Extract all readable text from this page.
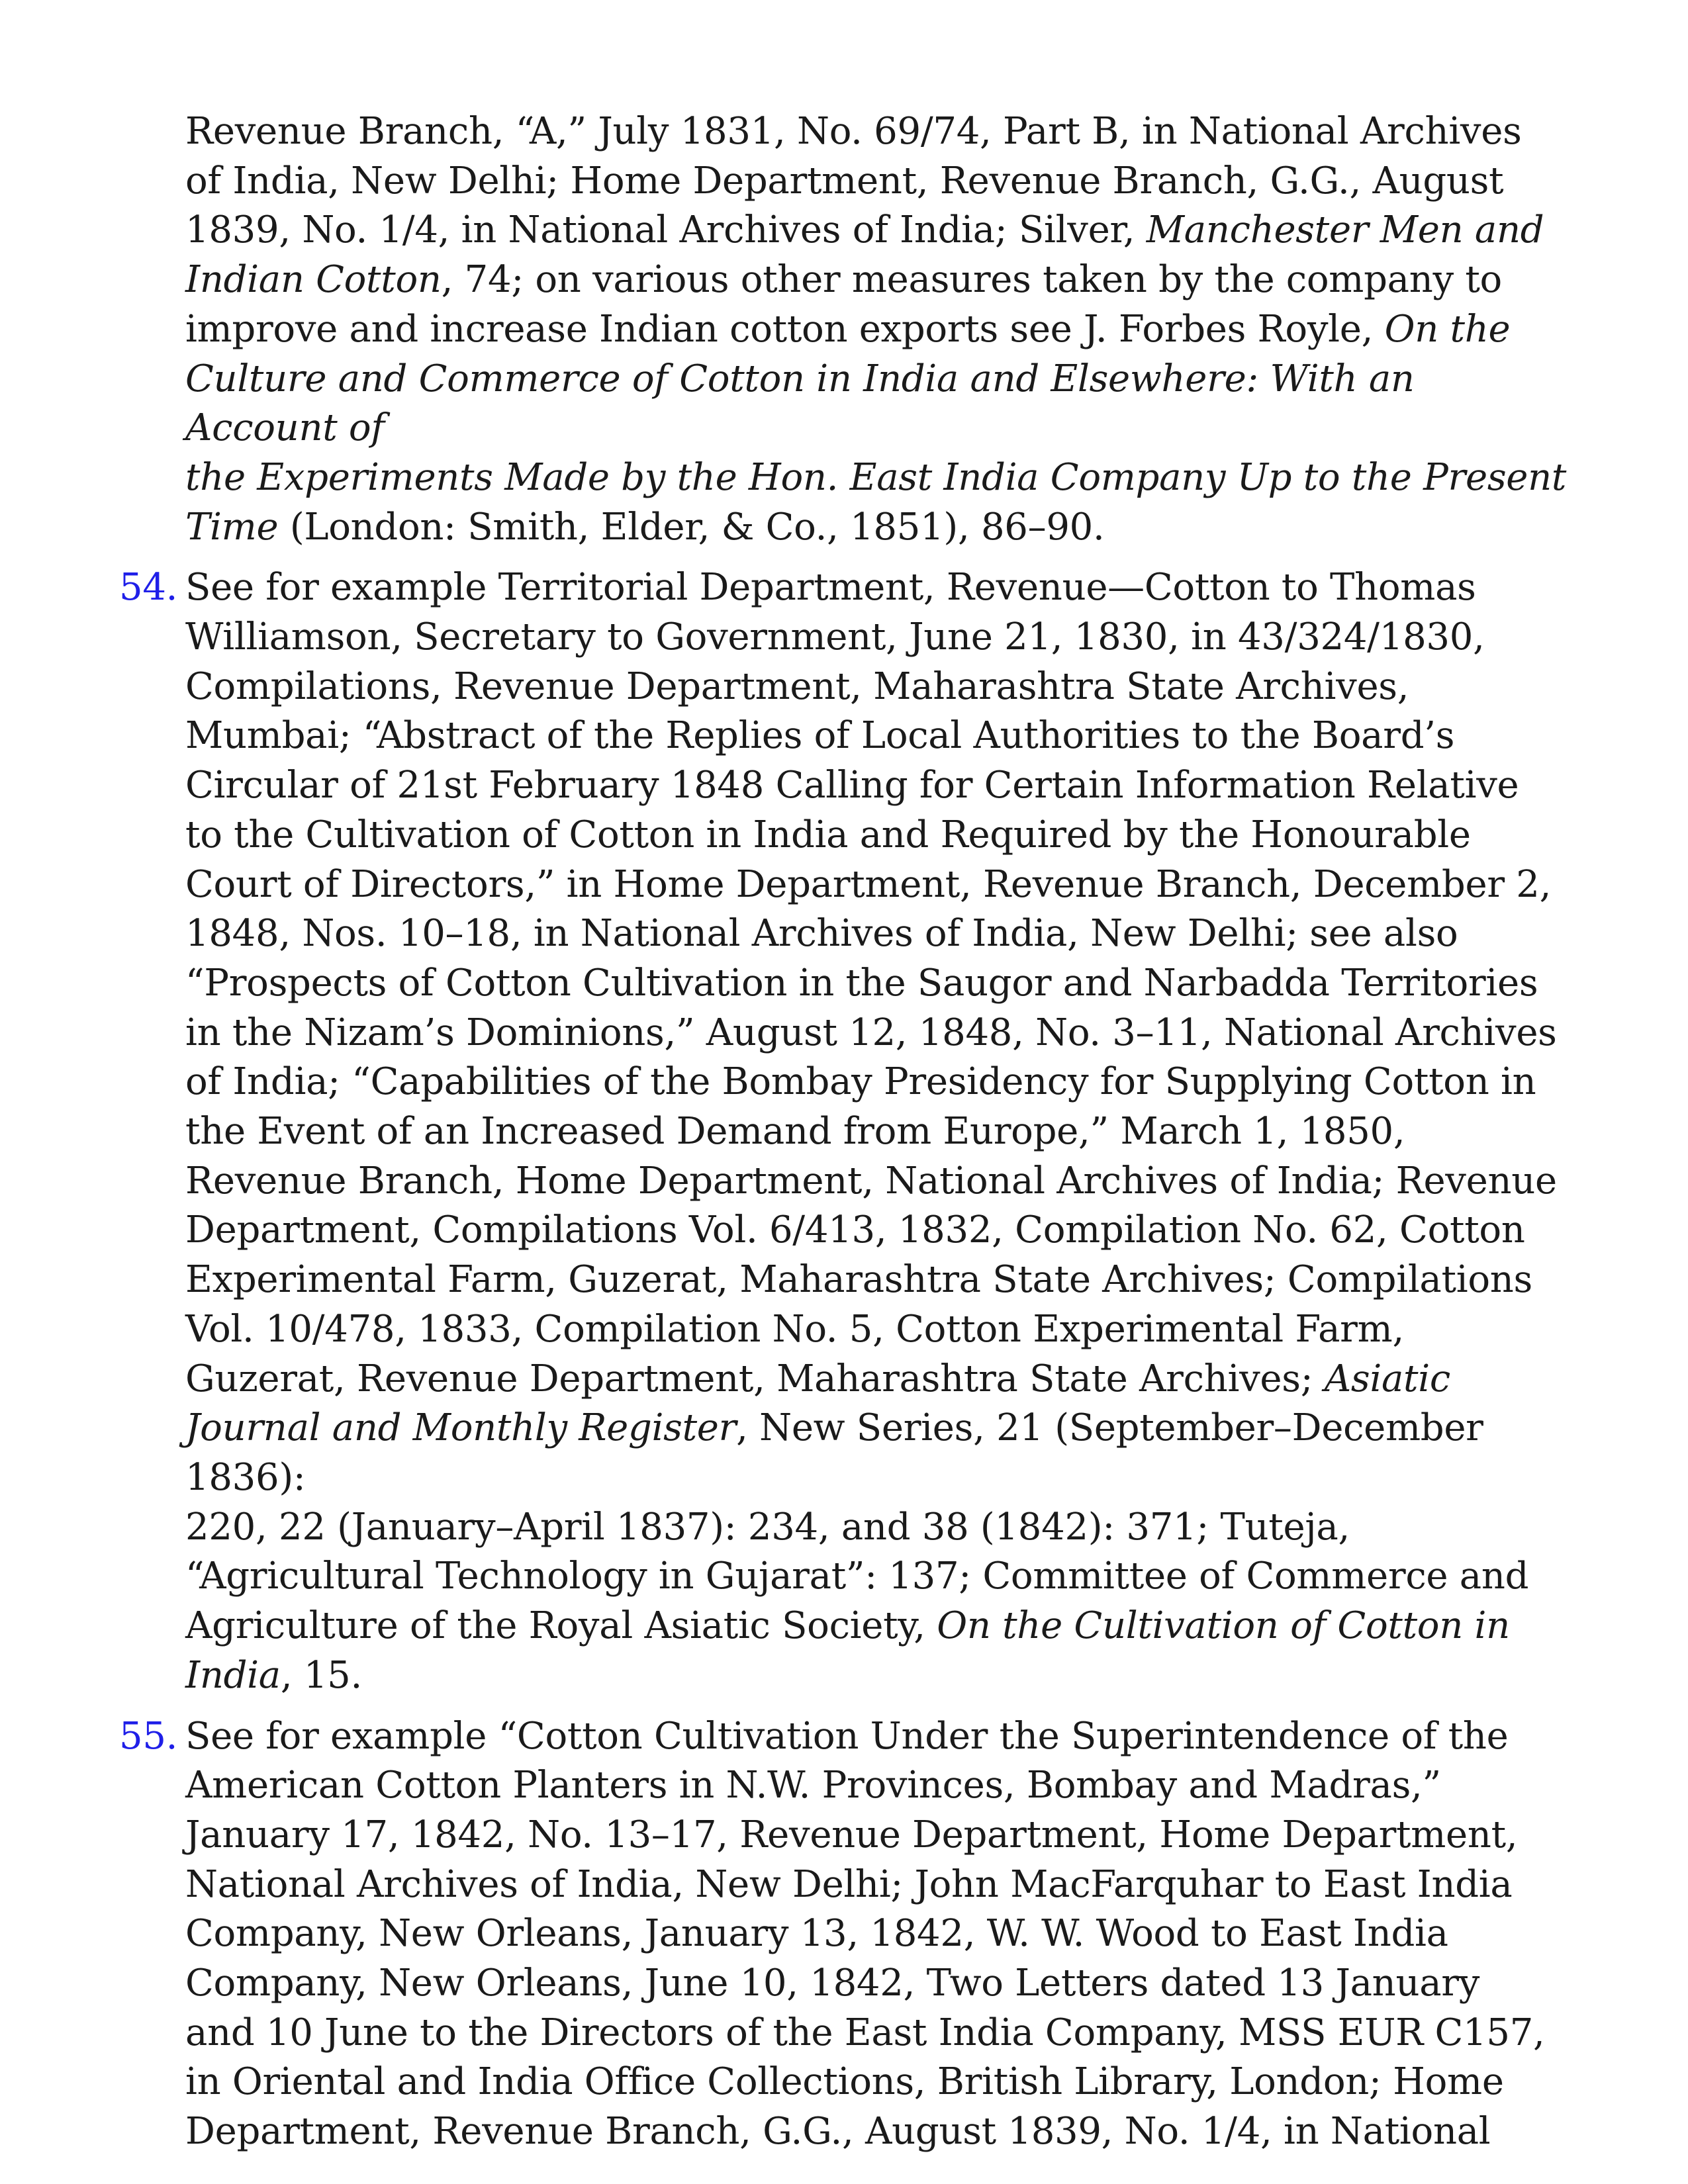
Revenue Branch, “A,” July 1831, No. 69/74, Part B, in National Archives
of India, New Delhi; Home Department, Revenue Branch, G.G., August
1839, No. 1/4, in National Archives of India; Silver, Manchester Men and
Indian Cotton, 74; on various other measures taken by the company to
improve and increase Indian cotton exports see J. Forbes Royle, On the
Culture and Commerce of Cotton in India and Elsewhere: With an Account of
the Experiments Made by the Hon. East India Company Up to the Present
Time (London: Smith, Elder, & Co., 1851), 86–90.
54. See for example Territorial Department, Revenue—Cotton to Thomas
Williamson, Secretary to Government, June 21, 1830, in 43/324/1830,
Compilations, Revenue Department, Maharashtra State Archives,
Mumbai; “Abstract of the Replies of Local Authorities to the Board’s
Circular of 21st February 1848 Calling for Certain Information Relative
to the Cultivation of Cotton in India and Required by the Honourable
Court of Directors,” in Home Department, Revenue Branch, December 2,
1848, Nos. 10–18, in National Archives of India, New Delhi; see also
“Prospects of Cotton Cultivation in the Saugor and Narbadda Territories
in the Nizam’s Dominions,” August 12, 1848, No. 3–11, National Archives
of India; “Capabilities of the Bombay Presidency for Supplying Cotton in
the Event of an Increased Demand from Europe,” March 1, 1850,
Revenue Branch, Home Department, National Archives of India; Revenue
Department, Compilations Vol. 6/413, 1832, Compilation No. 62, Cotton
Experimental Farm, Guzerat, Maharashtra State Archives; Compilations
Vol. 10/478, 1833, Compilation No. 5, Cotton Experimental Farm,
Guzerat, Revenue Department, Maharashtra State Archives; Asiatic
Journal and Monthly Register, New Series, 21 (September–December 1836):
220, 22 (January–April 1837): 234, and 38 (1842): 371; Tuteja,
“Agricultural Technology in Gujarat”: 137; Committee of Commerce and
Agriculture of the Royal Asiatic Society, On the Cultivation of Cotton in
India, 15.
55. See for example “Cotton Cultivation Under the Superintendence of the
American Cotton Planters in N.W. Provinces, Bombay and Madras,”
January 17, 1842, No. 13–17, Revenue Department, Home Department,
National Archives of India, New Delhi; John MacFarquhar to East India
Company, New Orleans, January 13, 1842, W. W. Wood to East India
Company, New Orleans, June 10, 1842, Two Letters dated 13 January
and 10 June to the Directors of the East India Company, MSS EUR C157,
in Oriental and India Office Collections, British Library, London; Home
Department, Revenue Branch, G.G., August 1839, No. 1/4, in National
